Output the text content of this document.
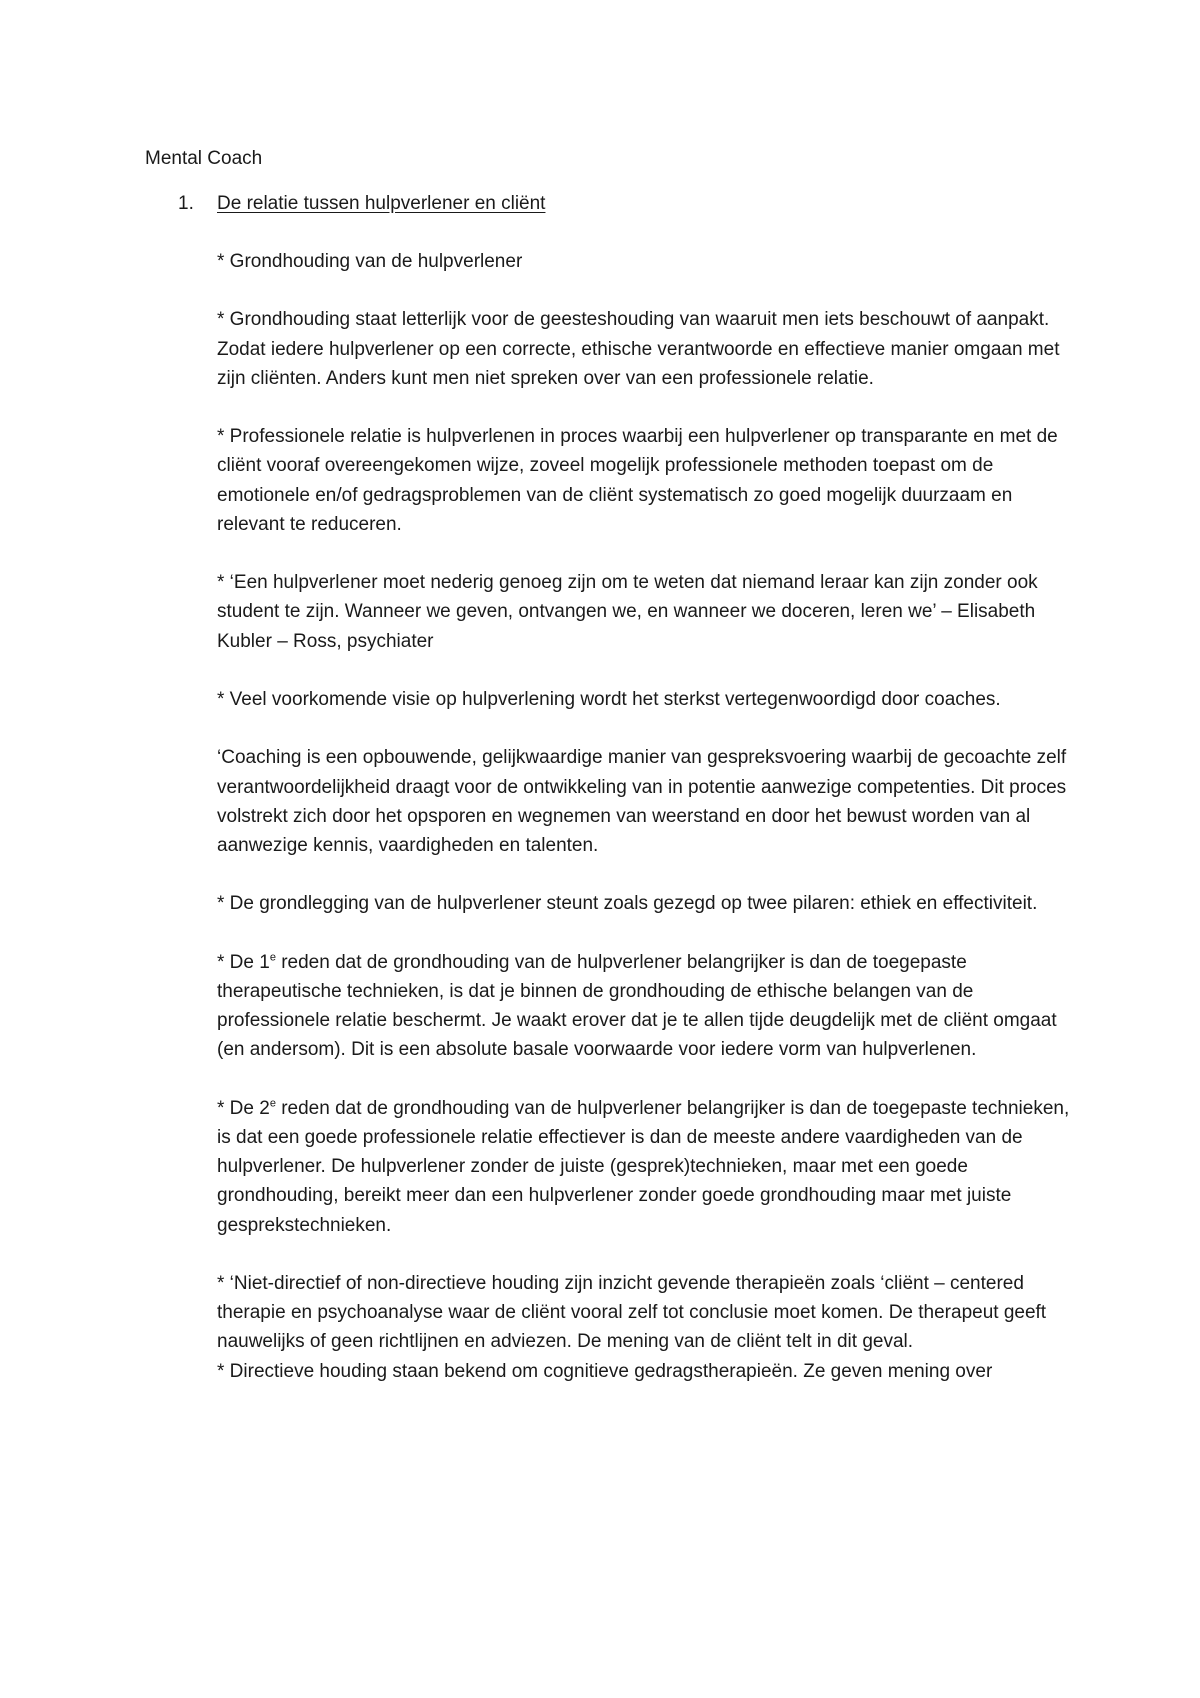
Mental Coach
1. De relatie tussen hulpverlener en cliënt

* Grondhouding van de hulpverlener

* Grondhouding staat letterlijk voor de geesteshouding van waaruit men iets beschouwt of aanpakt. Zodat iedere hulpverlener op een correcte, ethische verantwoorde en effectieve manier omgaan met zijn cliënten. Anders kunt men niet spreken over van een professionele relatie.

* Professionele relatie is hulpverlenen in proces waarbij een hulpverlener op transparante en met de cliënt vooraf overeengekomen wijze, zoveel mogelijk professionele methoden toepast om de emotionele en/of gedragsproblemen van de cliënt systematisch zo goed mogelijk duurzaam en relevant te reduceren.

* ‘Een hulpverlener moet nederig genoeg zijn om te weten dat niemand leraar kan zijn zonder ook student te zijn. Wanneer we geven, ontvangen we, en wanneer we doceren, leren we’ – Elisabeth Kubler – Ross, psychiater

* Veel voorkomende visie op hulpverlening wordt het sterkst vertegenwoordigd door coaches.

‘Coaching is een opbouwende, gelijkwaardige manier van gespreksvoering waarbij de gecoachte zelf verantwoordelijkheid draagt voor de ontwikkeling van in potentie aanwezige competenties. Dit proces volstrekt zich door het opsporen en wegnemen van weerstand en door het bewust worden van al aanwezige kennis, vaardigheden en talenten.

* De grondlegging van de hulpverlener steunt zoals gezegd op twee pilaren: ethiek en effectiviteit.

* De 1e reden dat de grondhouding van de hulpverlener belangrijker is dan de toegepaste therapeutische technieken, is dat je binnen de grondhouding de ethische belangen van de professionele relatie beschermt. Je waakt erover dat je te allen tijde deugdelijk met de cliënt omgaat (en andersom). Dit is een absolute basale voorwaarde voor iedere vorm van hulpverlenen.

* De 2e reden dat de grondhouding van de hulpverlener belangrijker is dan de toegepaste technieken, is dat een goede professionele relatie effectiever is dan de meeste andere vaardigheden van de hulpverlener. De hulpverlener zonder de juiste (gesprek)technieken, maar met een goede grondhouding, bereikt meer dan een hulpverlener zonder goede grondhouding maar met juiste gesprekstechnieken.

* ‘Niet-directief of non-directieve houding zijn inzicht gevende therapieën zoals ‘cliënt – centered therapie en psychoanalyse waar de cliënt vooral zelf tot conclusie moet komen. De therapeut geeft nauwelijks of geen richtlijnen en adviezen. De mening van de cliënt telt in dit geval.

* Directieve houding staan bekend om cognitieve gedragstherapieën. Ze geven mening over
